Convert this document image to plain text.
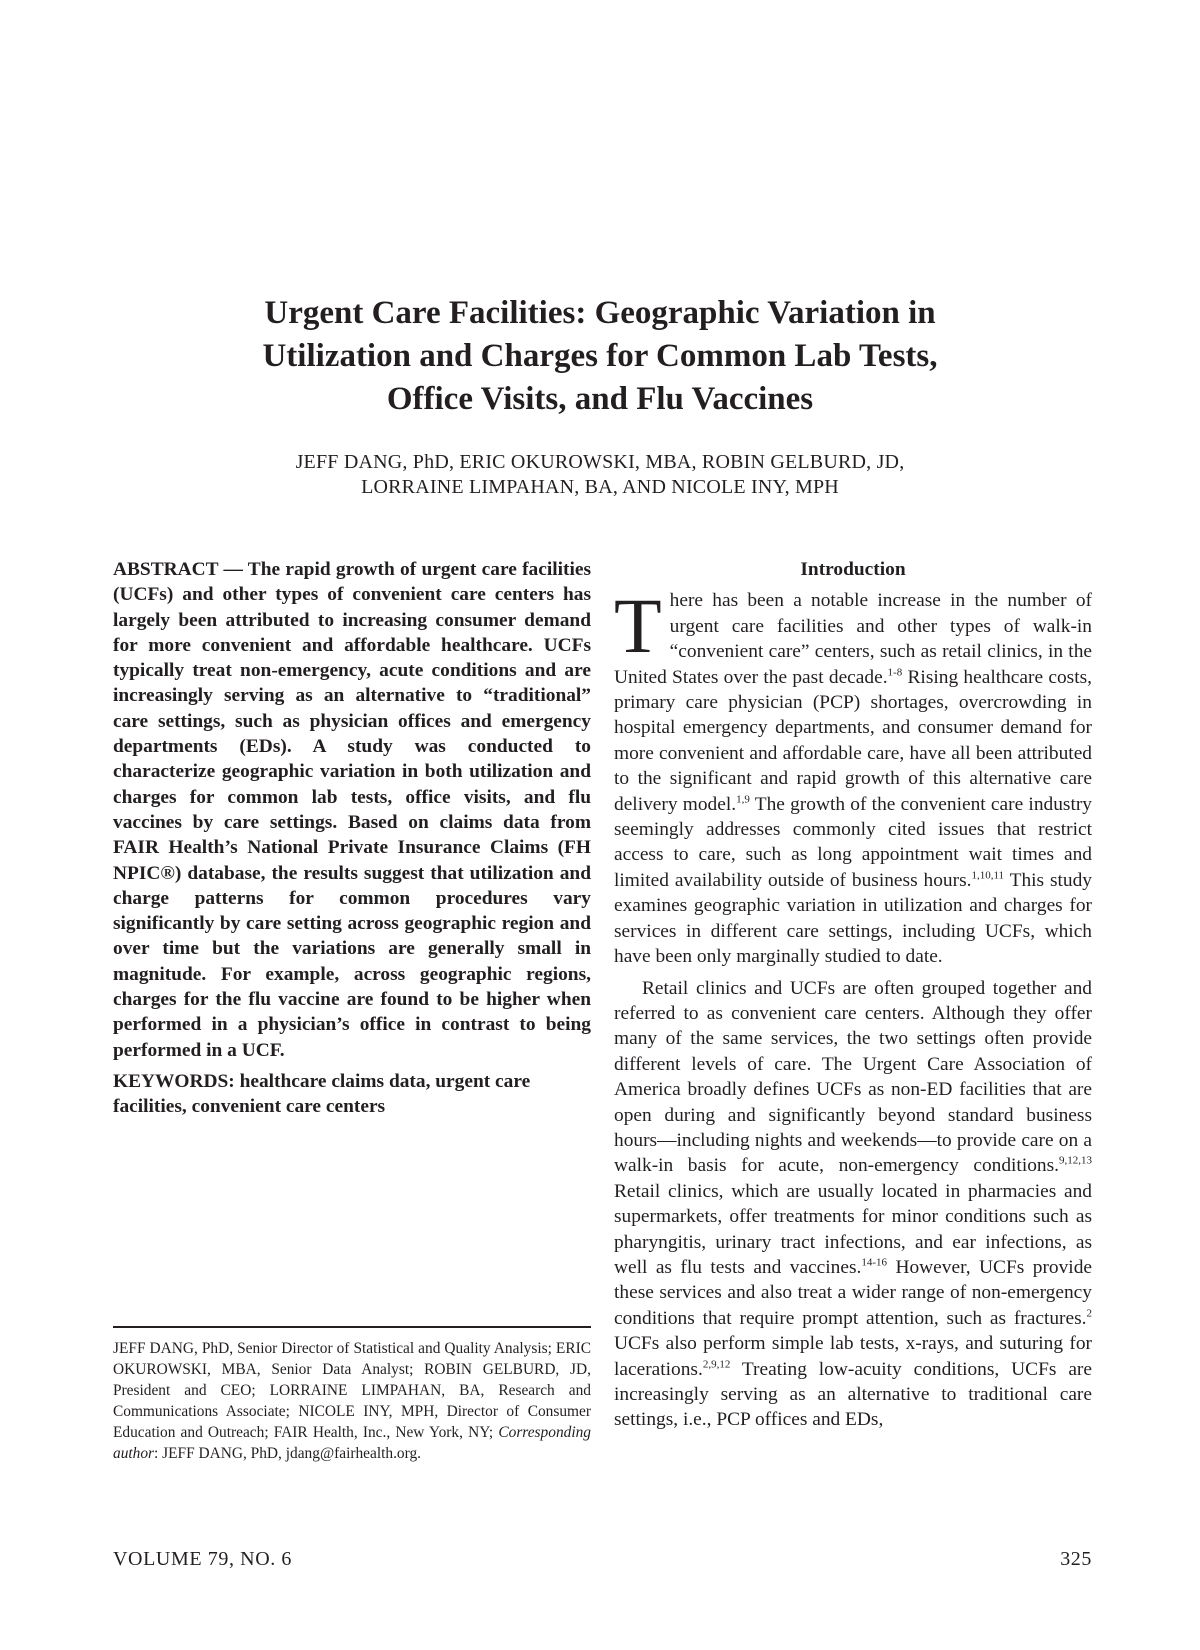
Urgent Care Facilities: Geographic Variation in
Utilization and Charges for Common Lab Tests,
Office Visits, and Flu Vaccines
JEFF DANG, PhD, ERIC OKUROWSKI, MBA, ROBIN GELBURD, JD,
LORRAINE LIMPAHAN, BA, AND NICOLE INY, MPH

ABSTRACT — The rapid growth of urgent care facilities (UCFs) and other types of convenient care centers has largely been attributed to increasing consumer demand for more convenient and affordable healthcare. UCFs typically treat non-emergency, acute conditions and are increasingly serving as an alternative to “traditional” care settings, such as physician offices and emergency departments (EDs). A study was conducted to characterize geographic variation in both utilization and charges for common lab tests, office visits, and flu vaccines by care settings. Based on claims data from FAIR Health’s National Private Insurance Claims (FH NPIC®) database, the results suggest that utilization and charge patterns for common procedures vary significantly by care setting across geographic region and over time but the variations are generally small in magnitude. For example, across geographic regions, charges for the flu vaccine are found to be higher when performed in a physician’s office in contrast to being performed in a UCF.

KEYWORDS: healthcare claims data, urgent care facilities, convenient care centers

JEFF DANG, PhD, Senior Director of Statistical and Quality Analysis; ERIC OKUROWSKI, MBA, Senior Data Analyst; ROBIN GELBURD, JD, President and CEO; LORRAINE LIMPAHAN, BA, Research and Communications Associate; NICOLE INY, MPH, Director of Consumer Education and Outreach; FAIR Health, Inc., New York, NY; Corresponding author: JEFF DANG, PhD, jdang@fairhealth.org.
Introduction

There has been a notable increase in the number of urgent care facilities and other types of walk-in “convenient care” centers, such as retail clinics, in the United States over the past decade.$^{1-8}$ Rising healthcare costs, primary care physician (PCP) shortages, overcrowding in hospital emergency departments, and consumer demand for more convenient and affordable care, have all been attributed to the significant and rapid growth of this alternative care delivery model.$^{1,9}$ The growth of the convenient care industry seemingly addresses commonly cited issues that restrict access to care, such as long appointment wait times and limited availability outside of business hours.$^{1,10,11}$ This study examines geographic variation in utilization and charges for services in different care settings, including UCFs, which have been only marginally studied to date.

Retail clinics and UCFs are often grouped together and referred to as convenient care centers. Although they offer many of the same services, the two settings often provide different levels of care. The Urgent Care Association of America broadly defines UCFs as non-ED facilities that are open during and significantly beyond standard business hours—including nights and weekends—to provide care on a walk-in basis for acute, non-emergency conditions.$^{9,12,13}$ Retail clinics, which are usually located in pharmacies and supermarkets, offer treatments for minor conditions such as pharyngitis, urinary tract infections, and ear infections, as well as flu tests and vaccines.$^{14-16}$ However, UCFs provide these services and also treat a wider range of non-emergency conditions that require prompt attention, such as fractures.$^2$ UCFs also perform simple lab tests, x-rays, and suturing for lacerations.$^{2,9,12}$ Treating low-acuity conditions, UCFs are increasingly serving as an alternative to traditional care settings, i.e., PCP offices and EDs,

VOLUME 79, NO. 6	325
